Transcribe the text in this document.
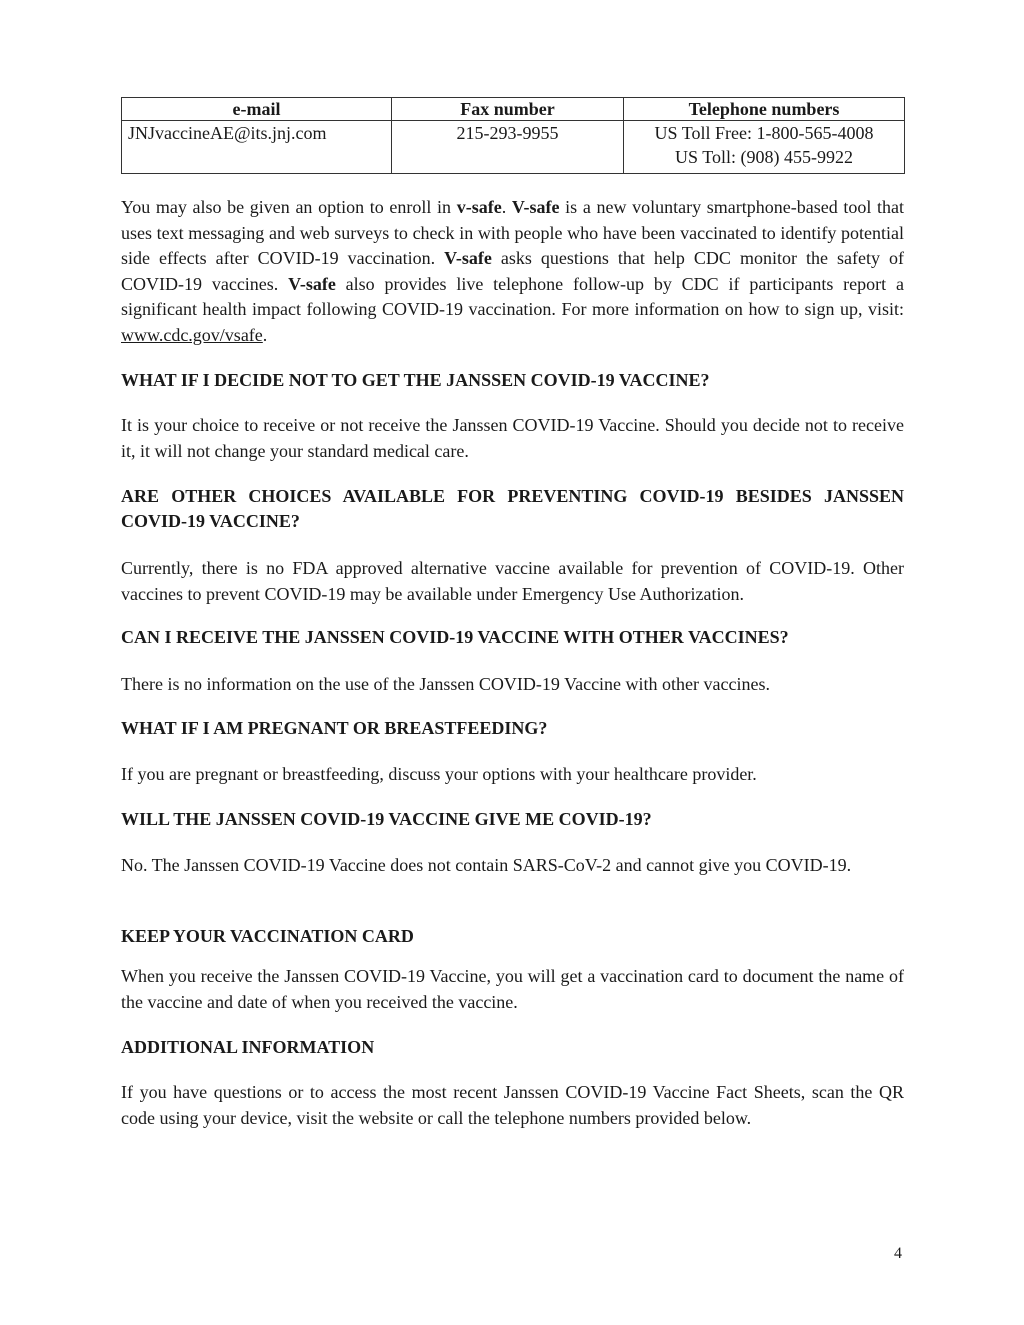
e-mail	Fax number	Telephone numbers
JNJvaccineAE@its.jnj.com	215-293-9955	US Toll Free: 1-800-565-4008
US Toll: (908) 455-9922

You may also be given an option to enroll in v-safe. V-safe is a new voluntary smartphone-based tool that uses text messaging and web surveys to check in with people who have been vaccinated to identify potential side effects after COVID-19 vaccination. V-safe asks questions that help CDC monitor the safety of COVID-19 vaccines. V-safe also provides live telephone follow-up by CDC if participants report a significant health impact following COVID-19 vaccination. For more information on how to sign up, visit: www.cdc.gov/vsafe.

WHAT IF I DECIDE NOT TO GET THE JANSSEN COVID-19 VACCINE?

It is your choice to receive or not receive the Janssen COVID-19 Vaccine. Should you decide not to receive it, it will not change your standard medical care.

ARE OTHER CHOICES AVAILABLE FOR PREVENTING COVID-19 BESIDES JANSSEN COVID-19 VACCINE?

Currently, there is no FDA approved alternative vaccine available for prevention of COVID-19. Other vaccines to prevent COVID-19 may be available under Emergency Use Authorization.

CAN I RECEIVE THE JANSSEN COVID-19 VACCINE WITH OTHER VACCINES?

There is no information on the use of the Janssen COVID-19 Vaccine with other vaccines.

WHAT IF I AM PREGNANT OR BREASTFEEDING?

If you are pregnant or breastfeeding, discuss your options with your healthcare provider.

WILL THE JANSSEN COVID-19 VACCINE GIVE ME COVID-19?

No. The Janssen COVID-19 Vaccine does not contain SARS-CoV-2 and cannot give you COVID-19.

KEEP YOUR VACCINATION CARD

When you receive the Janssen COVID-19 Vaccine, you will get a vaccination card to document the name of the vaccine and date of when you received the vaccine.

ADDITIONAL INFORMATION

If you have questions or to access the most recent Janssen COVID-19 Vaccine Fact Sheets, scan the QR code using your device, visit the website or call the telephone numbers provided below.

4
